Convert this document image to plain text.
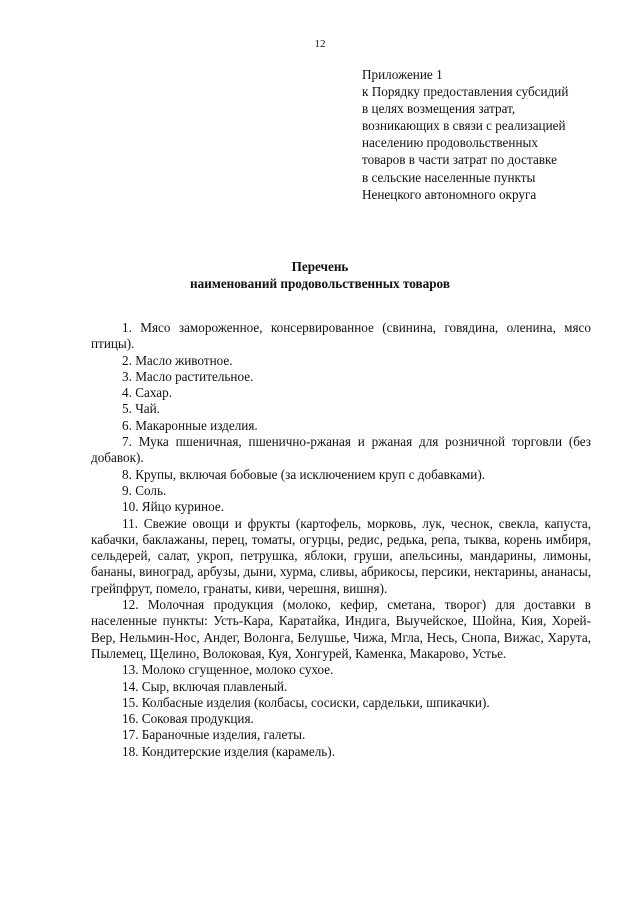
12
Приложение 1
к Порядку предоставления субсидий
в целях возмещения затрат,
возникающих в связи с реализацией
населению продовольственных
товаров в части затрат по доставке
в сельские населенные пункты
Ненецкого автономного округа
Перечень
наименований продовольственных товаров

1. Мясо замороженное, консервированное (свинина, говядина, оленина, мясо птицы).

2. Масло животное.

3. Масло растительное.

4. Сахар.

5. Чай.

6. Макаронные изделия.

7. Мука пшеничная, пшенично-ржаная и ржаная для розничной торговли (без добавок).

8. Крупы, включая бобовые (за исключением круп с добавками).

9. Соль.

10. Яйцо куриное.

11. Свежие овощи и фрукты (картофель, морковь, лук, чеснок, свекла, капуста, кабачки, баклажаны, перец, томаты, огурцы, редис, редька, репа, тыква, корень имбиря, сельдерей, салат, укроп, петрушка, яблоки, груши, апельсины, мандарины, лимоны, бананы, виноград, арбузы, дыни, хурма, сливы, абрикосы, персики, нектарины, ананасы, грейпфрут, помело, гранаты, киви, черешня, вишня).

12. Молочная продукция (молоко, кефир, сметана, творог) для доставки в населенные пункты: Усть-Кара, Каратайка, Индига, Выучейское, Шойна, Кия, Хорей-Вер, Нельмин-Нос, Андег, Волонга, Белушье, Чижа, Мгла, Несь, Снопа, Вижас, Харута, Пылемец, Щелино, Волоковая, Куя, Хонгурей, Каменка, Макарово, Устье.

13. Молоко сгущенное, молоко сухое.

14. Сыр, включая плавленый.

15. Колбасные изделия (колбасы, сосиски, сардельки, шпикачки).

16. Соковая продукция.

17. Бараночные изделия, галеты.

18. Кондитерские изделия (карамель).
